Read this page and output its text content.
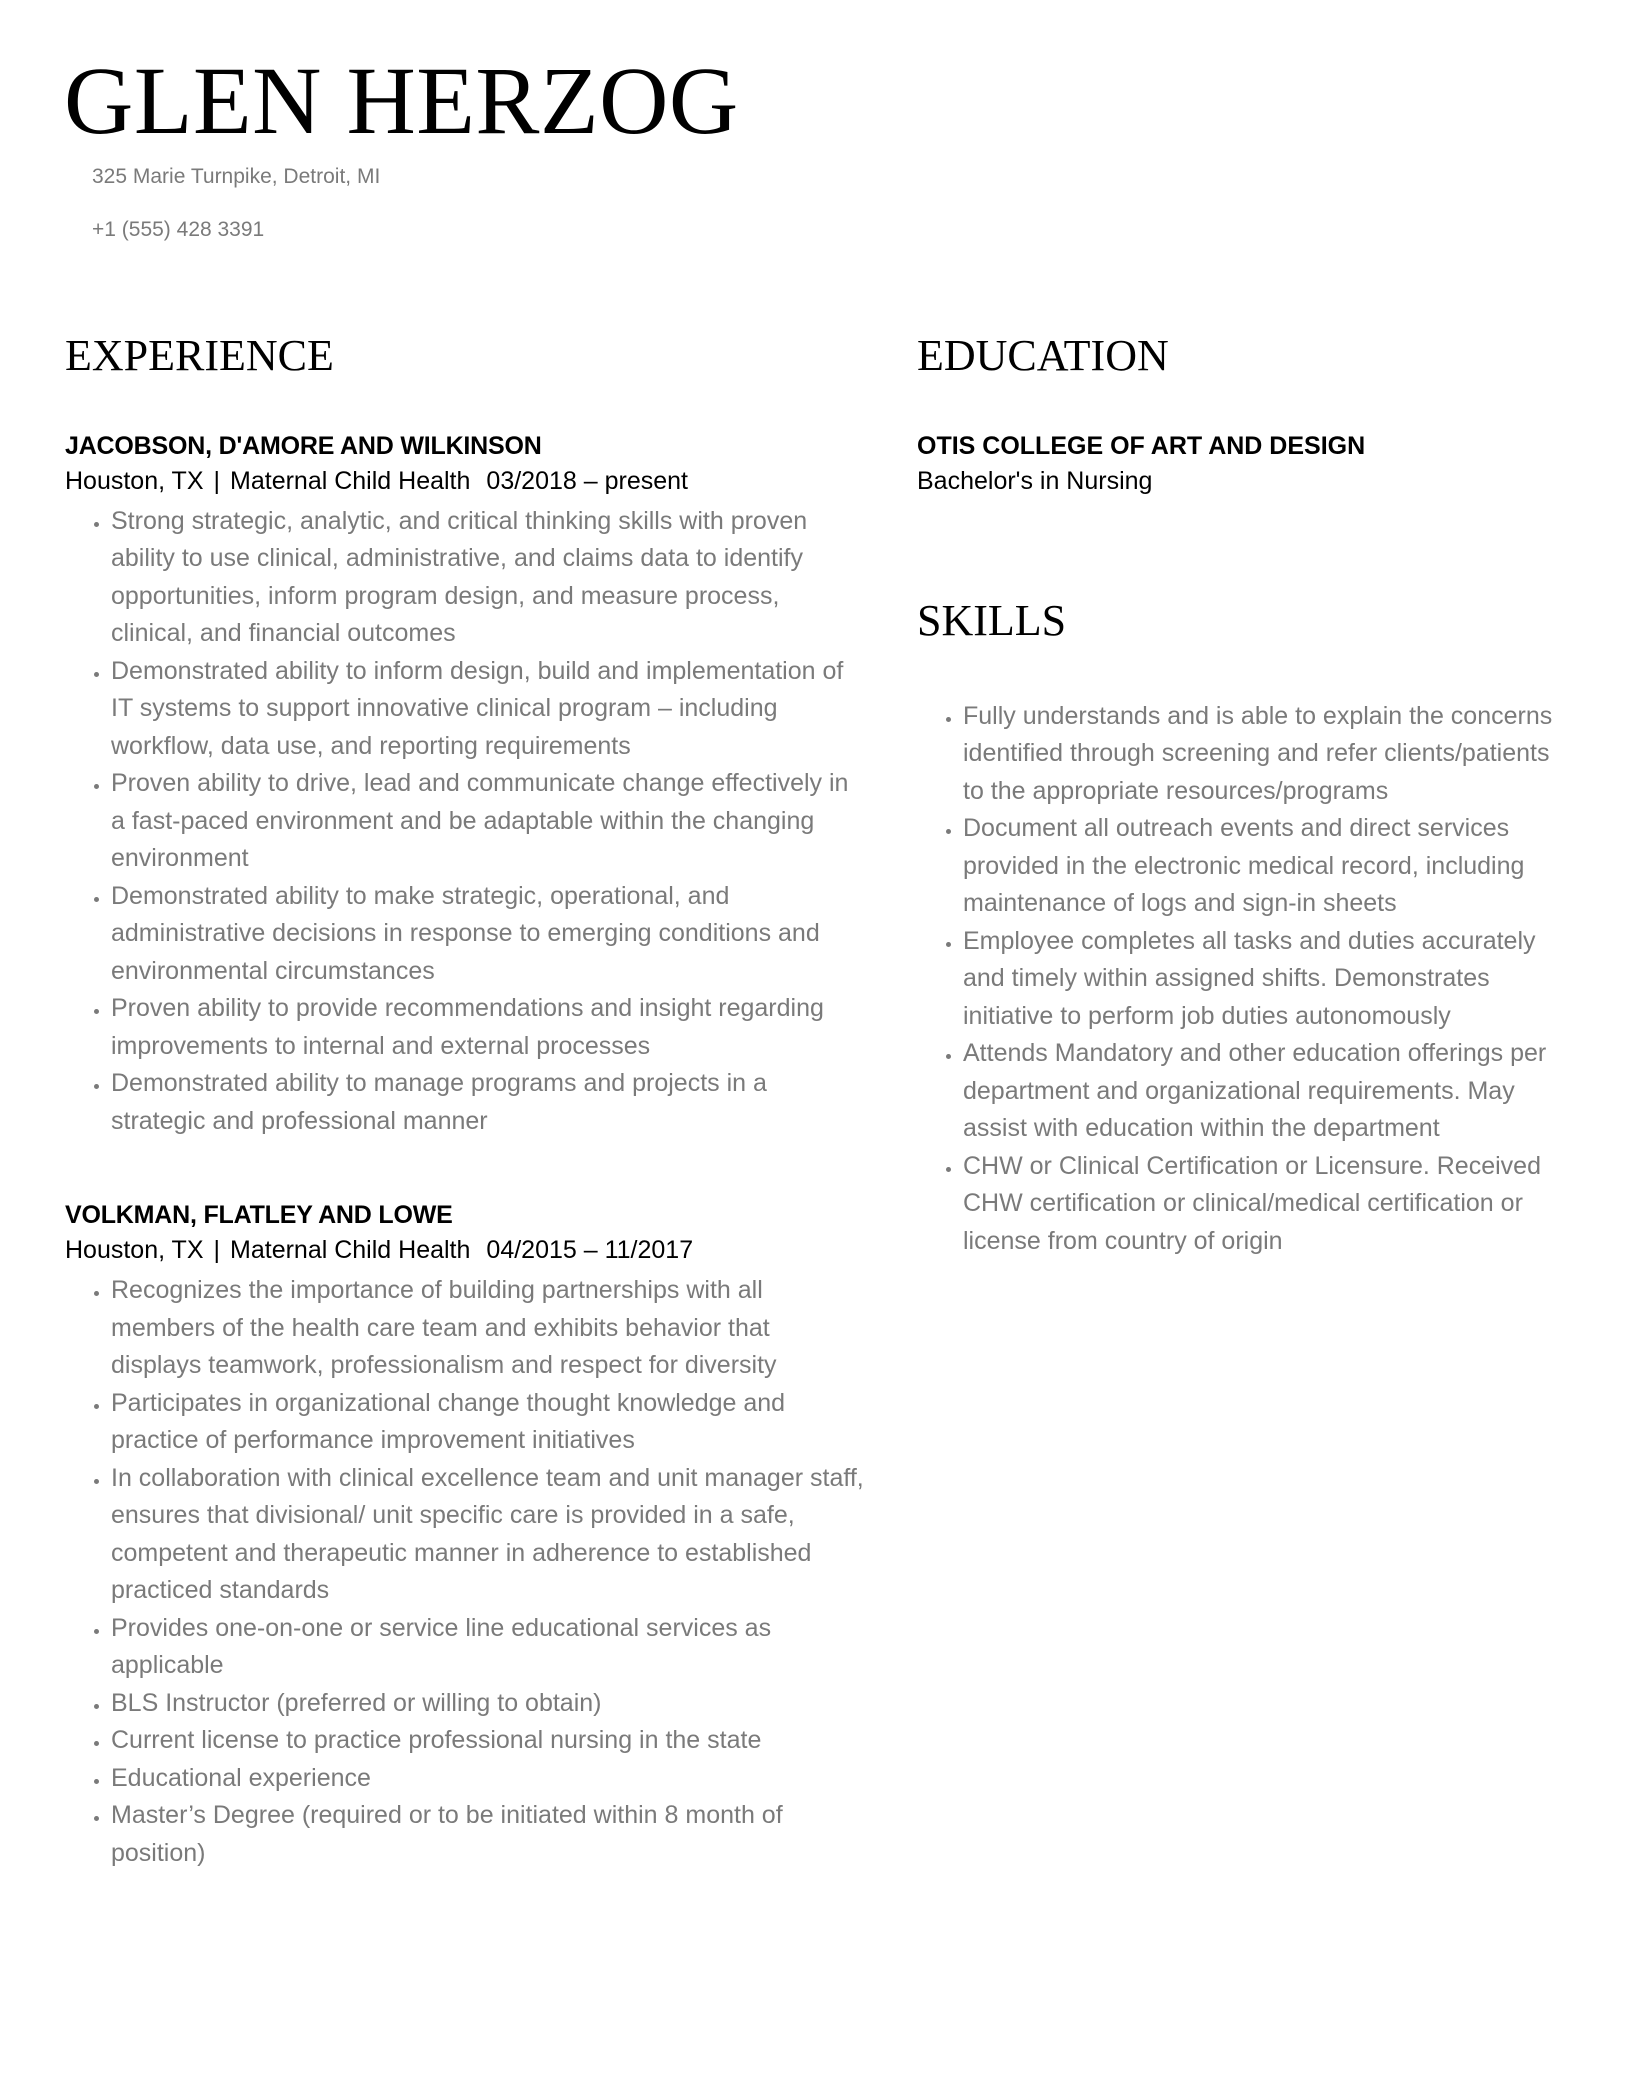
GLEN HERZOG

325 Marie Turnpike, Detroit, MI

+1 (555) 428 3391

EXPERIENCE

JACOBSON, D'AMORE AND WILKINSON

Houston, TX | Maternal Child Health 03/2018 – present

• Strong strategic, analytic, and critical thinking skills with proven ability to use clinical, administrative, and claims data to identify opportunities, inform program design, and measure process, clinical, and financial outcomes
• Demonstrated ability to inform design, build and implementation of IT systems to support innovative clinical program – including workflow, data use, and reporting requirements
• Proven ability to drive, lead and communicate change effectively in a fast-paced environment and be adaptable within the changing environment
• Demonstrated ability to make strategic, operational, and administrative decisions in response to emerging conditions and environmental circumstances
• Proven ability to provide recommendations and insight regarding improvements to internal and external processes
• Demonstrated ability to manage programs and projects in a strategic and professional manner

VOLKMAN, FLATLEY AND LOWE

Houston, TX | Maternal Child Health 04/2015 – 11/2017

• Recognizes the importance of building partnerships with all members of the health care team and exhibits behavior that displays teamwork, professionalism and respect for diversity
• Participates in organizational change thought knowledge and practice of performance improvement initiatives
• In collaboration with clinical excellence team and unit manager staff, ensures that divisional/ unit specific care is provided in a safe, competent and therapeutic manner in adherence to established practiced standards
• Provides one-on-one or service line educational services as applicable
• BLS Instructor (preferred or willing to obtain)
• Current license to practice professional nursing in the state
• Educational experience
• Master’s Degree (required or to be initiated within 8 month of position)
EDUCATION

OTIS COLLEGE OF ART AND DESIGN

Bachelor's in Nursing

SKILLS
• Fully understands and is able to explain the concerns identified through screening and refer clients/patients to the appropriate resources/programs
• Document all outreach events and direct services provided in the electronic medical record, including maintenance of logs and sign-in sheets
• Employee completes all tasks and duties accurately and timely within assigned shifts. Demonstrates initiative to perform job duties autonomously
• Attends Mandatory and other education offerings per department and organizational requirements. May assist with education within the department
• CHW or Clinical Certification or Licensure. Received CHW certification or clinical/medical certification or license from country of origin
